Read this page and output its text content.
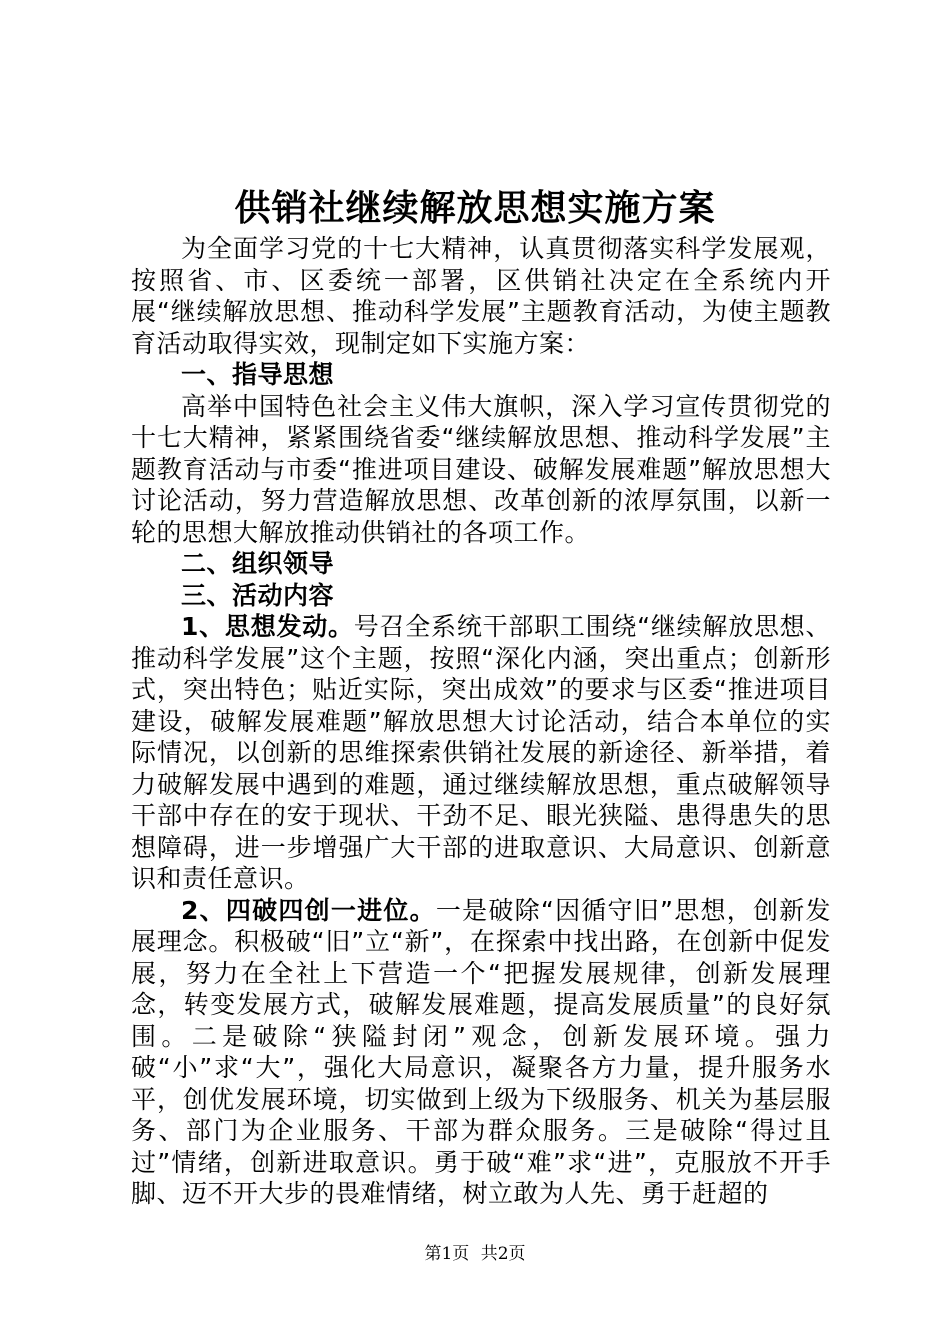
供销社继续解放思想实施方案

为全面学习党的十七大精神，认真贯彻落实科学发展观，按照省、市、区委统一部署，区供销社决定在全系统内开展“继续解放思想、推动科学发展”主题教育活动，为使主题教育活动取得实效，现制定如下实施方案：

一、指导思想

高举中国特色社会主义伟大旗帜，深入学习宣传贯彻党的十七大精神，紧紧围绕省委“继续解放思想、推动科学发展”主题教育活动与市委“推进项目建设、破解发展难题”解放思想大讨论活动，努力营造解放思想、改革创新的浓厚氛围，以新一轮的思想大解放推动供销社的各项工作。

二、组织领导

三、活动内容

1、思想发动。号召全系统干部职工围绕“继续解放思想、推动科学发展”这个主题，按照“深化内涵，突出重点；创新形式，突出特色；贴近实际，突出成效”的要求与区委“推进项目建设，破解发展难题”解放思想大讨论活动，结合本单位的实际情况，以创新的思维探索供销社发展的新途径、新举措，着力破解发展中遇到的难题，通过继续解放思想，重点破解领导干部中存在的安于现状、干劲不足、眼光狭隘、患得患失的思想障碍，进一步增强广大干部的进取意识、大局意识、创新意识和责任意识。

2、四破四创一进位。一是破除“因循守旧”思想，创新发展理念。积极破“旧”立“新”，在探索中找出路，在创新中促发展，努力在全社上下营造一个“把握发展规律，创新发展理念，转变发展方式，破解发展难题，提高发展质量”的良好氛围。二是破除“狭隘封闭”观念，创新发展环境。强力破“小”求“大”，强化大局意识，凝聚各方力量，提升服务水平，创优发展环境，切实做到上级为下级服务、机关为基层服务、部门为企业服务、干部为群众服务。三是破除“得过且过”情绪，创新进取意识。勇于破“难”求“进”，克服放不开手脚、迈不开大步的畏难情绪，树立敢为人先、勇于赶超的

第1页 共2页
